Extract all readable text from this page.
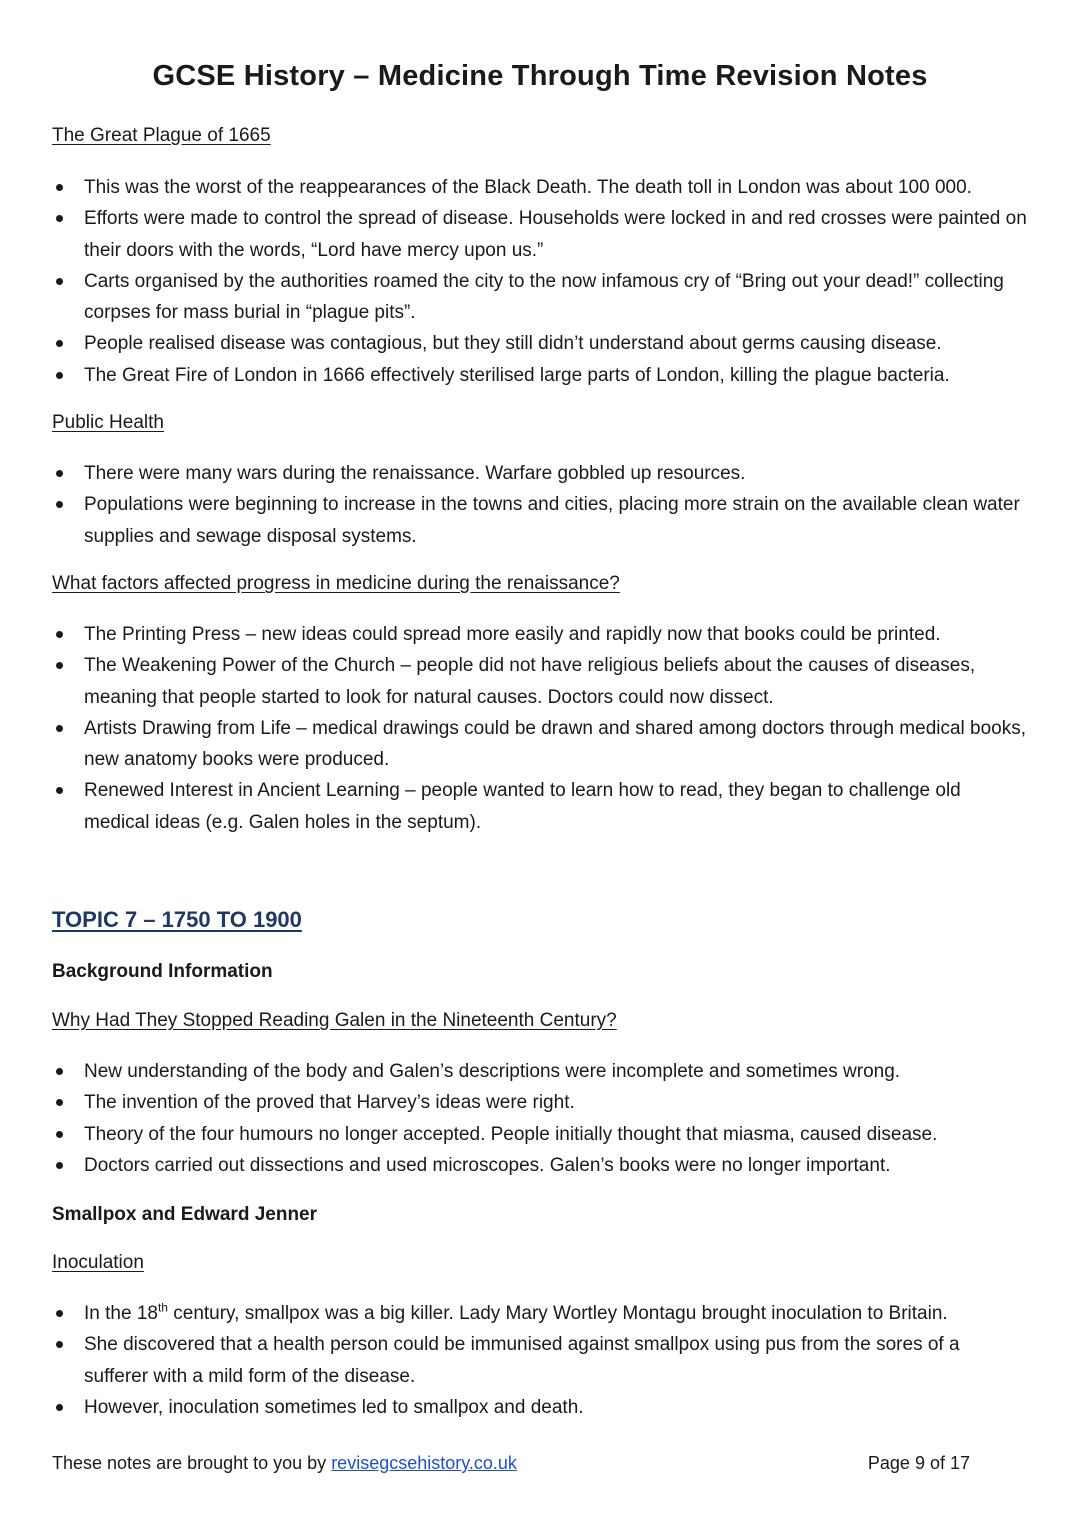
GCSE History – Medicine Through Time Revision Notes
The Great Plague of 1665
This was the worst of the reappearances of the Black Death. The death toll in London was about 100 000.
Efforts were made to control the spread of disease. Households were locked in and red crosses were painted on their doors with the words, “Lord have mercy upon us.”
Carts organised by the authorities roamed the city to the now infamous cry of “Bring out your dead!” collecting corpses for mass burial in “plague pits”.
People realised disease was contagious, but they still didn’t understand about germs causing disease.
The Great Fire of London in 1666 effectively sterilised large parts of London, killing the plague bacteria.
Public Health
There were many wars during the renaissance. Warfare gobbled up resources.
Populations were beginning to increase in the towns and cities, placing more strain on the available clean water supplies and sewage disposal systems.
What factors affected progress in medicine during the renaissance?
The Printing Press – new ideas could spread more easily and rapidly now that books could be printed.
The Weakening Power of the Church – people did not have religious beliefs about the causes of diseases, meaning that people started to look for natural causes. Doctors could now dissect.
Artists Drawing from Life – medical drawings could be drawn and shared among doctors through medical books, new anatomy books were produced.
Renewed Interest in Ancient Learning – people wanted to learn how to read, they began to challenge old medical ideas (e.g. Galen holes in the septum).
TOPIC 7 – 1750 TO 1900
Background Information
Why Had They Stopped Reading Galen in the Nineteenth Century?
New understanding of the body and Galen’s descriptions were incomplete and sometimes wrong.
The invention of the proved that Harvey’s ideas were right.
Theory of the four humours no longer accepted. People initially thought that miasma, caused disease.
Doctors carried out dissections and used microscopes. Galen’s books were no longer important.
Smallpox and Edward Jenner
Inoculation
In the 18th century, smallpox was a big killer. Lady Mary Wortley Montagu brought inoculation to Britain.
She discovered that a health person could be immunised against smallpox using pus from the sores of a sufferer with a mild form of the disease.
However, inoculation sometimes led to smallpox and death.
These notes are brought to you by revisegcsehistory.co.uk	Page 9 of 17
